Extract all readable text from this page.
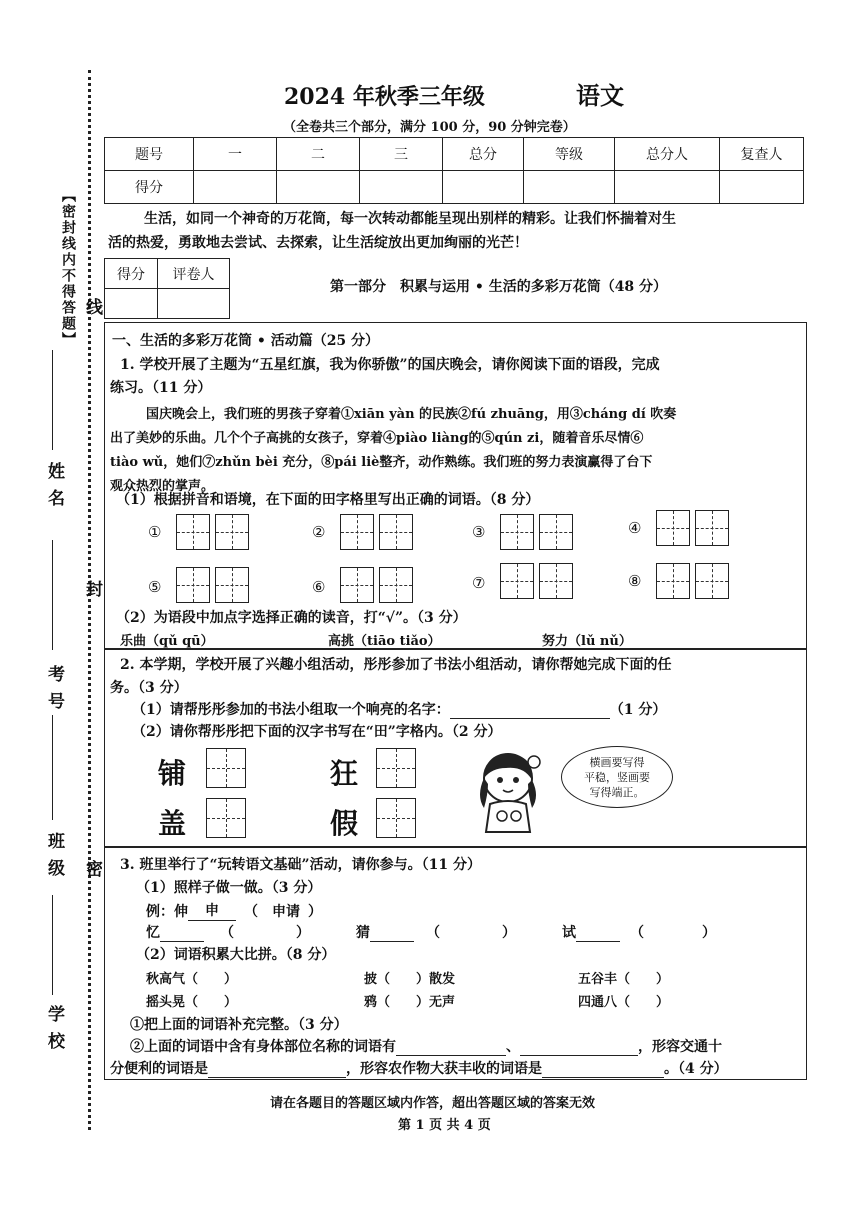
【密封线内不得答题】 线
封
密
姓 名
考 号
班 级
学 校
2024 年秋季三年级	语文
（全卷共三个部分，满分 100 分，90 分钟完卷）
题号	一	二	三	总分	等级	总分人	复查人
得分							
生活，如同一个神奇的万花筒，每一次转动都能呈现出别样的精彩。让我们怀揣着对生
活的热爱，勇敢地去尝试、去探索，让生活绽放出更加绚丽的光芒！
得分	评卷人

第一部分　积累与运用 • 生活的多彩万花筒（48 分）
一、生活的多彩万花筒 • 活动篇（25 分）
1. 学校开展了主题为“五星红旗，我为你骄傲”的国庆晚会，请你阅读下面的语段，完成
练习。（11 分）
国庆晚会上，我们班的男孩子穿着①xiān yàn 的民族②fú zhuāng，用③cháng dí 吹奏
出了美妙的乐曲。几个个子高挑的女孩子，穿着④piào liàng的⑤qún zi，随着音乐尽情⑥
tiào wǔ，她们⑦zhǔn bèi 充分，⑧pái liè整齐，动作熟练。我们班的努力表演赢得了台下
观众热烈的掌声。
（1）根据拼音和语境，在下面的田字格里写出正确的词语。（8 分）
①	②	③	④
⑤	⑥	⑦	⑧
（2）为语段中加点字选择正确的读音，打“√”。（3 分）
乐曲（qǔ qū）	高挑（tiāo tiǎo）	努力（lǔ nǔ）
2. 本学期，学校开展了兴趣小组活动，彤彤参加了书法小组活动，请你帮她完成下面的任
务。（3 分）
（1）请帮彤彤参加的书法小组取一个响亮的名字：	（1 分）
（2）请你帮彤彤把下面的汉字书写在“田”字格内。（2 分）
铺	狂
盖	假
横画要写得
平稳，竖画要
写得端正。
3. 班里举行了“玩转语文基础”活动，请你参与。（11 分）
（1）照样子做一做。（3 分）
例：伸 申 （ 申请 ）
忆	（	）	猜	（	）	试	（	）
（2）词语积累大比拼。（8 分）
秋高气（　　）	披（　　）散发	五谷丰（　　）
摇头晃（　　）	鸦（　　）无声	四通八（　　）
①把上面的词语补充完整。（3 分）
②上面的词语中含有身体部位名称的词语有	、	，形容交通十
分便利的词语是	，形容农作物大获丰收的词语是	。（4 分）
请在各题目的答题区域内作答，超出答题区域的答案无效
第 1 页 共 4 页
